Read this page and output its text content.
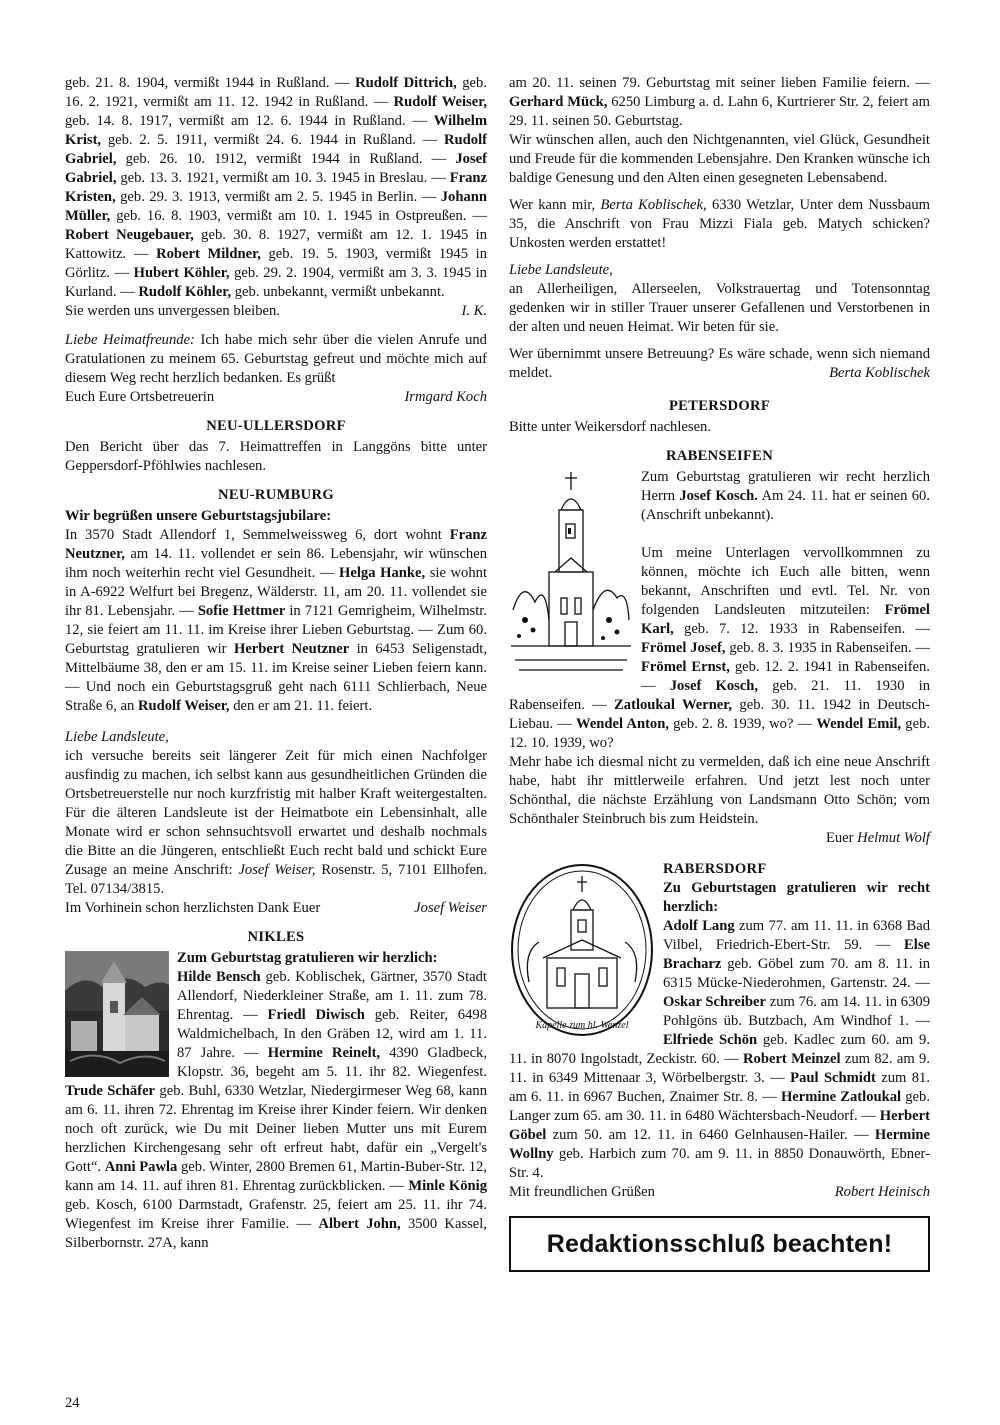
geb. 21. 8. 1904, vermißt 1944 in Rußland. — Rudolf Dittrich, geb. 16. 2. 1921, vermißt am 11. 12. 1942 in Rußland. — Rudolf Weiser, geb. 14. 8. 1917, vermißt am 12. 6. 1944 in Rußland. — Wilhelm Krist, geb. 2. 5. 1911, vermißt 24. 6. 1944 in Rußland. — Rudolf Gabriel, geb. 26. 10. 1912, vermißt 1944 in Rußland. — Josef Gabriel, geb. 13. 3. 1921, vermißt am 10. 3. 1945 in Breslau. — Franz Kristen, geb. 29. 3. 1913, vermißt am 2. 5. 1945 in Berlin. — Johann Müller, geb. 16. 8. 1903, vermißt am 10. 1. 1945 in Ostpreußen. — Robert Neugebauer, geb. 30. 8. 1927, vermißt am 12. 1. 1945 in Kattowitz. — Robert Mildner, geb. 19. 5. 1903, vermißt 1945 in Görlitz. — Hubert Köhler, geb. 29. 2. 1904, vermißt am 3. 3. 1945 in Kurland. — Rudolf Köhler, geb. unbekannt, vermißt unbekannt.

Sie werden uns unvergessen bleiben.	I. K.

Liebe Heimatfreunde: Ich habe mich sehr über die vielen Anrufe und Gratulationen zu meinem 65. Geburtstag gefreut und möchte mich auf diesem Weg recht herzlich bedanken. Es grüßt

Euch Eure Ortsbetreuerin	Irmgard Koch
NEU-ULLERSDORF

Den Bericht über das 7. Heimattreffen in Langgöns bitte unter Geppersdorf-Pföhlwies nachlesen.

NEU-RUMBURG
Wir begrüßen unsere Geburtstagsjubilare:

In 3570 Stadt Allendorf 1, Semmelweissweg 6, dort wohnt Franz Neutzner, am 14. 11. vollendet er sein 86. Lebensjahr, wir wünschen ihm noch weiterhin recht viel Gesundheit. — Helga Hanke, sie wohnt in A-6922 Welfurt bei Bregenz, Wälderstr. 11, am 20. 11. vollendet sie ihr 81. Lebensjahr. — Sofie Hettmer in 7121 Gemrigheim, Wilhelmstr. 12, sie feiert am 11. 11. im Kreise ihrer Lieben Geburtstag. — Zum 60. Geburtstag gratulieren wir Herbert Neutzner in 6453 Seligenstadt, Mittelbäume 38, den er am 15. 11. im Kreise seiner Lieben feiern kann. — Und noch ein Geburtstagsgruß geht nach 6111 Schlierbach, Neue Straße 6, an Rudolf Weiser, den er am 21. 11. feiert.

Liebe Landsleute,

ich versuche bereits seit längerer Zeit für mich einen Nachfolger ausfindig zu machen, ich selbst kann aus gesundheitlichen Gründen die Ortsbetreuerstelle nur noch kurzfristig mit halber Kraft weitergestalten. Für die älteren Landsleute ist der Heimatbote ein Lebensinhalt, alle Monate wird er schon sehnsuchtsvoll erwartet und deshalb nochmals die Bitte an die Jüngeren, entschließt Euch recht bald und schickt Eure Zusage an meine Anschrift: Josef Weiser, Rosenstr. 5, 7101 Ellhofen. Tel. 07134/3815.

Im Vorhinein schon herzlichsten Dank Euer	Josef Weiser
NIKLES
Zum Geburtstag gratulieren wir herzlich:

Hilde Bensch geb. Koblischek, Gärtner, 3570 Stadt Allendorf, Niederkleiner Straße, am 1. 11. zum 78. Ehrentag. — Friedl Diwisch geb. Reiter, 6498 Waldmichelbach, In den Gräben 12, wird am 1. 11. 87 Jahre. — Hermine Reinelt, 4390 Gladbeck, Klopstr. 36, begeht am 5. 11. ihr 82. Wiegenfest. Trude Schäfer geb. Buhl, 6330 Wetzlar, Niedergirmeser Weg 68, kann am 6. 11. ihren 72. Ehrentag im Kreise ihrer Kinder feiern. Wir denken noch oft zurück, wie Du mit Deiner lieben Mutter uns mit Eurem herzlichen Kirchengesang sehr oft erfreut habt, dafür ein „Vergelt's Gott“. Anni Pawla geb. Winter, 2800 Bremen 61, Martin-Buber-Str. 12, kann am 14. 11. auf ihren 81. Ehrentag zurückblicken. — Minle König geb. Kosch, 6100 Darmstadt, Grafenstr. 25, feiert am 25. 11. ihr 74. Wiegenfest im Kreise ihrer Familie. — Albert John, 3500 Kassel, Silberbornstr. 27A, kann

am 20. 11. seinen 79. Geburtstag mit seiner lieben Familie feiern. — Gerhard Mück, 6250 Limburg a. d. Lahn 6, Kurtrierer Str. 2, feiert am 29. 11. seinen 50. Geburtstag.

Wir wünschen allen, auch den Nichtgenannten, viel Glück, Gesundheit und Freude für die kommenden Lebensjahre. Den Kranken wünsche ich baldige Genesung und den Alten einen gesegneten Lebensabend.

Wer kann mir, Berta Koblischek, 6330 Wetzlar, Unter dem Nussbaum 35, die Anschrift von Frau Mizzi Fiala geb. Matych schicken? Unkosten werden erstattet!

Liebe Landsleute,

an Allerheiligen, Allerseelen, Volkstrauertag und Totensonntag gedenken wir in stiller Trauer unserer Gefallenen und Verstorbenen in der alten und neuen Heimat. Wir beten für sie.

Wer übernimmt unsere Betreuung? Es wäre schade, wenn sich niemand meldet.	Berta Koblischek
PETERSDORF

Bitte unter Weikersdorf nachlesen.

RABENSEIFEN

Zum Geburtstag gratulieren wir recht herzlich Herrn Josef Kosch. Am 24. 11. hat er seinen 60. (Anschrift unbekannt).

Um meine Unterlagen vervollkommnen zu können, möchte ich Euch alle bitten, wenn bekannt, Anschriften und evtl. Tel. Nr. von folgenden Landsleuten mitzuteilen: Frömel Karl, geb. 7. 12. 1933 in Rabenseifen. — Frömel Josef, geb. 8. 3. 1935 in Rabenseifen. — Frömel Ernst, geb. 12. 2. 1941 in Rabenseifen. — Josef Kosch, geb. 21. 11. 1930 in Rabenseifen. — Zatloukal Werner, geb. 30. 11. 1942 in Deutsch-Liebau. — Wendel Anton, geb. 2. 8. 1939, wo? — Wendel Emil, geb. 12. 10. 1939, wo?

Mehr habe ich diesmal nicht zu vermelden, daß ich eine neue Anschrift habe, habt ihr mittlerweile erfahren. Und jetzt lest noch unter Schönthal, die nächste Erzählung von Landsmann Otto Schön; vom Schönthaler Steinbruch bis zum Heidstein.

Euer Helmut Wolf
Kapelle zum hl. Wenzel
RABERSDORF
Zu Geburtstagen gratulieren wir recht herzlich:

Adolf Lang zum 77. am 11. 11. in 6368 Bad Vilbel, Friedrich-Ebert-Str. 59. — Else Bracharz geb. Göbel zum 70. am 8. 11. in 6315 Mücke-Niederohmen, Gartenstr. 24. — Oskar Schreiber zum 76. am 14. 11. in 6309 Pohlgöns üb. Butzbach, Am Windhof 1. — Elfriede Schön geb. Kadlec zum 60. am 9. 11. in 8070 Ingolstadt, Zeckistr. 60. — Robert Meinzel zum 82. am 9. 11. in 6349 Mittenaar 3, Wörbelbergstr. 3. — Paul Schmidt zum 81. am 6. 11. in 6967 Buchen, Znaimer Str. 8. — Hermine Zatloukal geb. Langer zum 65. am 30. 11. in 6480 Wächtersbach-Neudorf. — Herbert Göbel zum 50. am 12. 11. in 6460 Gelnhausen-Hailer. — Hermine Wollny geb. Harbich zum 70. am 9. 11. in 8850 Donauwörth, Ebner-Str. 4.

Mit freundlichen Grüßen	Robert Heinisch
Redaktionsschluß beachten!
24
